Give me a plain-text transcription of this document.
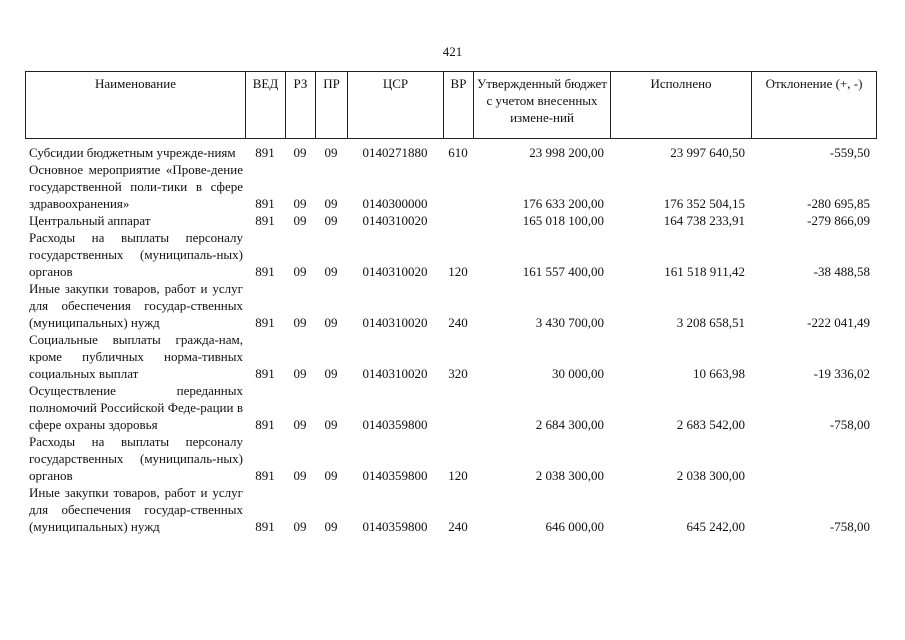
421
Наименование	ВЕД	РЗ	ПР	ЦСР	ВР	Утвержденный бюджет с учетом внесенных измене-ний	Исполнено	Отклонение (+, -)
Субсидии бюджетным учрежде-ниям	891	09	09	0140271880	610	23 998 200,00	23 997 640,50	-559,50
Основное мероприятие «Прове-дение государственной поли-тики в сфере здравоохранения»	891	09	09	0140300000		176 633 200,00	176 352 504,15	-280 695,85
Центральный аппарат	891	09	09	0140310020		165 018 100,00	164 738 233,91	-279 866,09
Расходы на выплаты персоналу государственных (муниципаль-ных) органов	891	09	09	0140310020	120	161 557 400,00	161 518 911,42	-38 488,58
Иные закупки товаров, работ и услуг для обеспечения государ-ственных (муниципальных) нужд	891	09	09	0140310020	240	3 430 700,00	3 208 658,51	-222 041,49
Социальные выплаты гражда-нам, кроме публичных норма-тивных социальных выплат	891	09	09	0140310020	320	30 000,00	10 663,98	-19 336,02
Осуществление переданных полномочий Российской Феде-рации в сфере охраны здоровья	891	09	09	0140359800		2 684 300,00	2 683 542,00	-758,00
Расходы на выплаты персоналу государственных (муниципаль-ных) органов	891	09	09	0140359800	120	2 038 300,00	2 038 300,00	
Иные закупки товаров, работ и услуг для обеспечения государ-ственных (муниципальных) нужд	891	09	09	0140359800	240	646 000,00	645 242,00	-758,00
